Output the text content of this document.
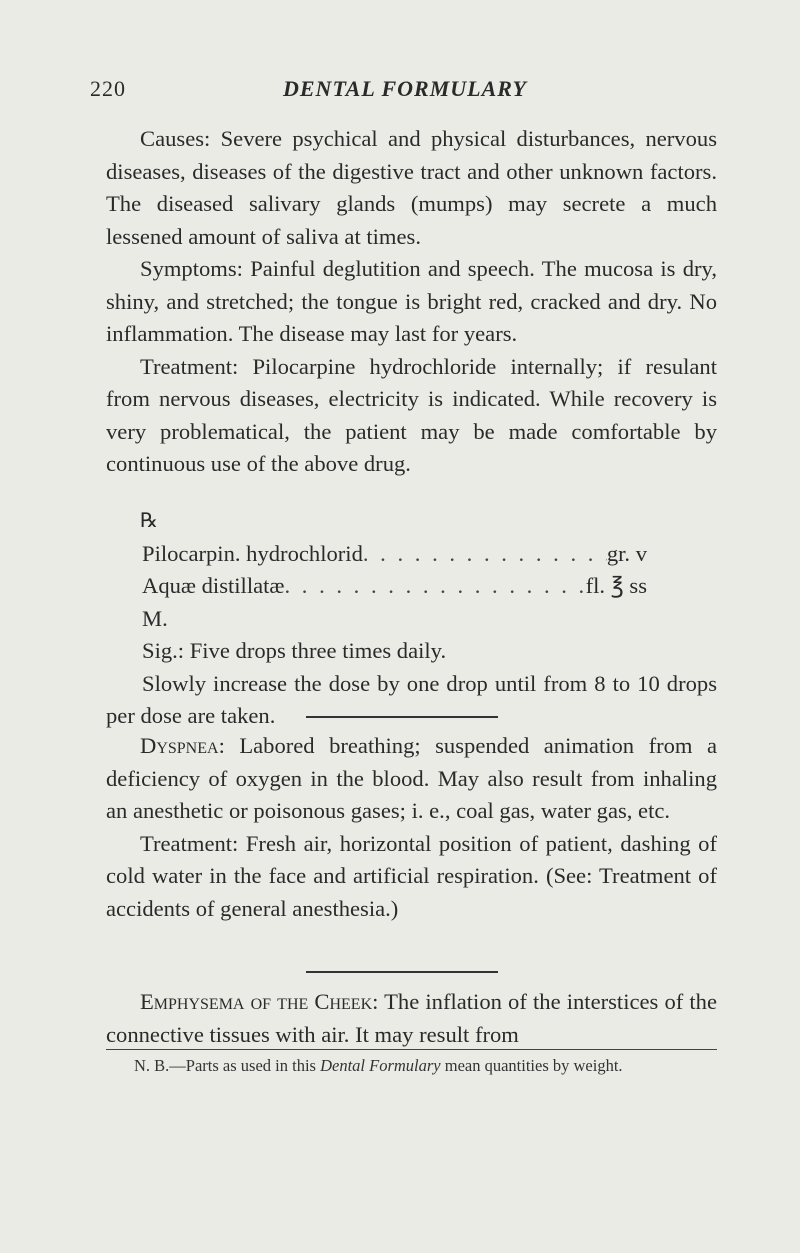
220	DENTAL FORMULARY

Causes: Severe psychical and physical disturbances, nervous diseases, diseases of the digestive tract and other unknown factors. The diseased salivary glands (mumps) may secrete a much lessened amount of saliva at times.

Symptoms: Painful deglutition and speech. The mucosa is dry, shiny, and stretched; the tongue is bright red, cracked and dry. No inflammation. The disease may last for years.

Treatment: Pilocarpine hydrochloride internally; if resulant from nervous diseases, electricity is indicated. While recovery is very problematical, the patient may be made comfortable by continuous use of the above drug.

℞
Pilocarpin. hydrochlorid . . .	gr. v
Aquæ distillatæ . . .	fl. ℥ ss
M.
Sig.: Five drops three times daily.
Slowly increase the dose by one drop until from 8 to 10 drops per dose are taken.

Dyspnea: Labored breathing; suspended animation from a deficiency of oxygen in the blood. May also result from inhaling an anesthetic or poisonous gases; i. e., coal gas, water gas, etc.

Treatment: Fresh air, horizontal position of patient, dashing of cold water in the face and artificial respiration. (See: Treatment of accidents of general anesthesia.)

Emphysema of the Cheek: The inflation of the interstices of the connective tissues with air. It may result from

N. B.—Parts as used in this Dental Formulary mean quantities by weight.
